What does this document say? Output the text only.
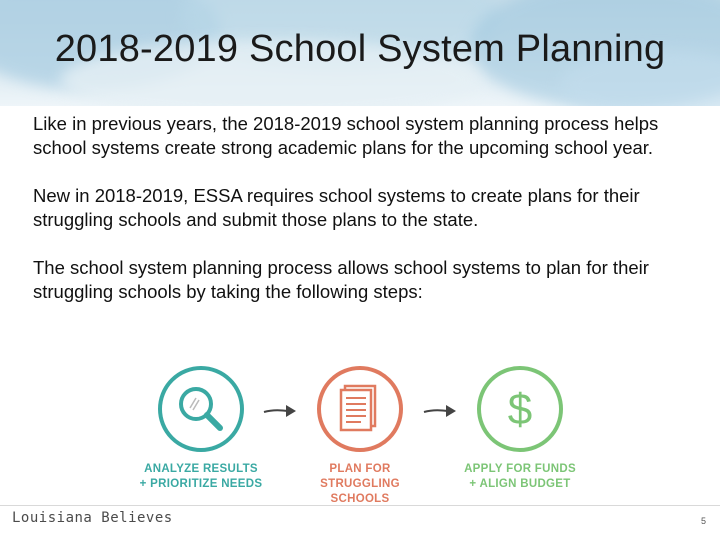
2018-2019 School System Planning

Like in previous years, the 2018-2019 school system planning process helps school systems create strong academic plans for the upcoming school year.

New in 2018-2019, ESSA requires school systems to create plans for their struggling schools and submit those plans to the state.

The school system planning process allows school systems to plan for their struggling schools by taking the following steps:

ANALYZE RESULTS
+ PRIORITIZE NEEDS
PLAN FOR
STRUGGLING
SCHOOLS
$
APPLY FOR FUNDS
+ ALIGN BUDGET
Louisiana Believes	5
